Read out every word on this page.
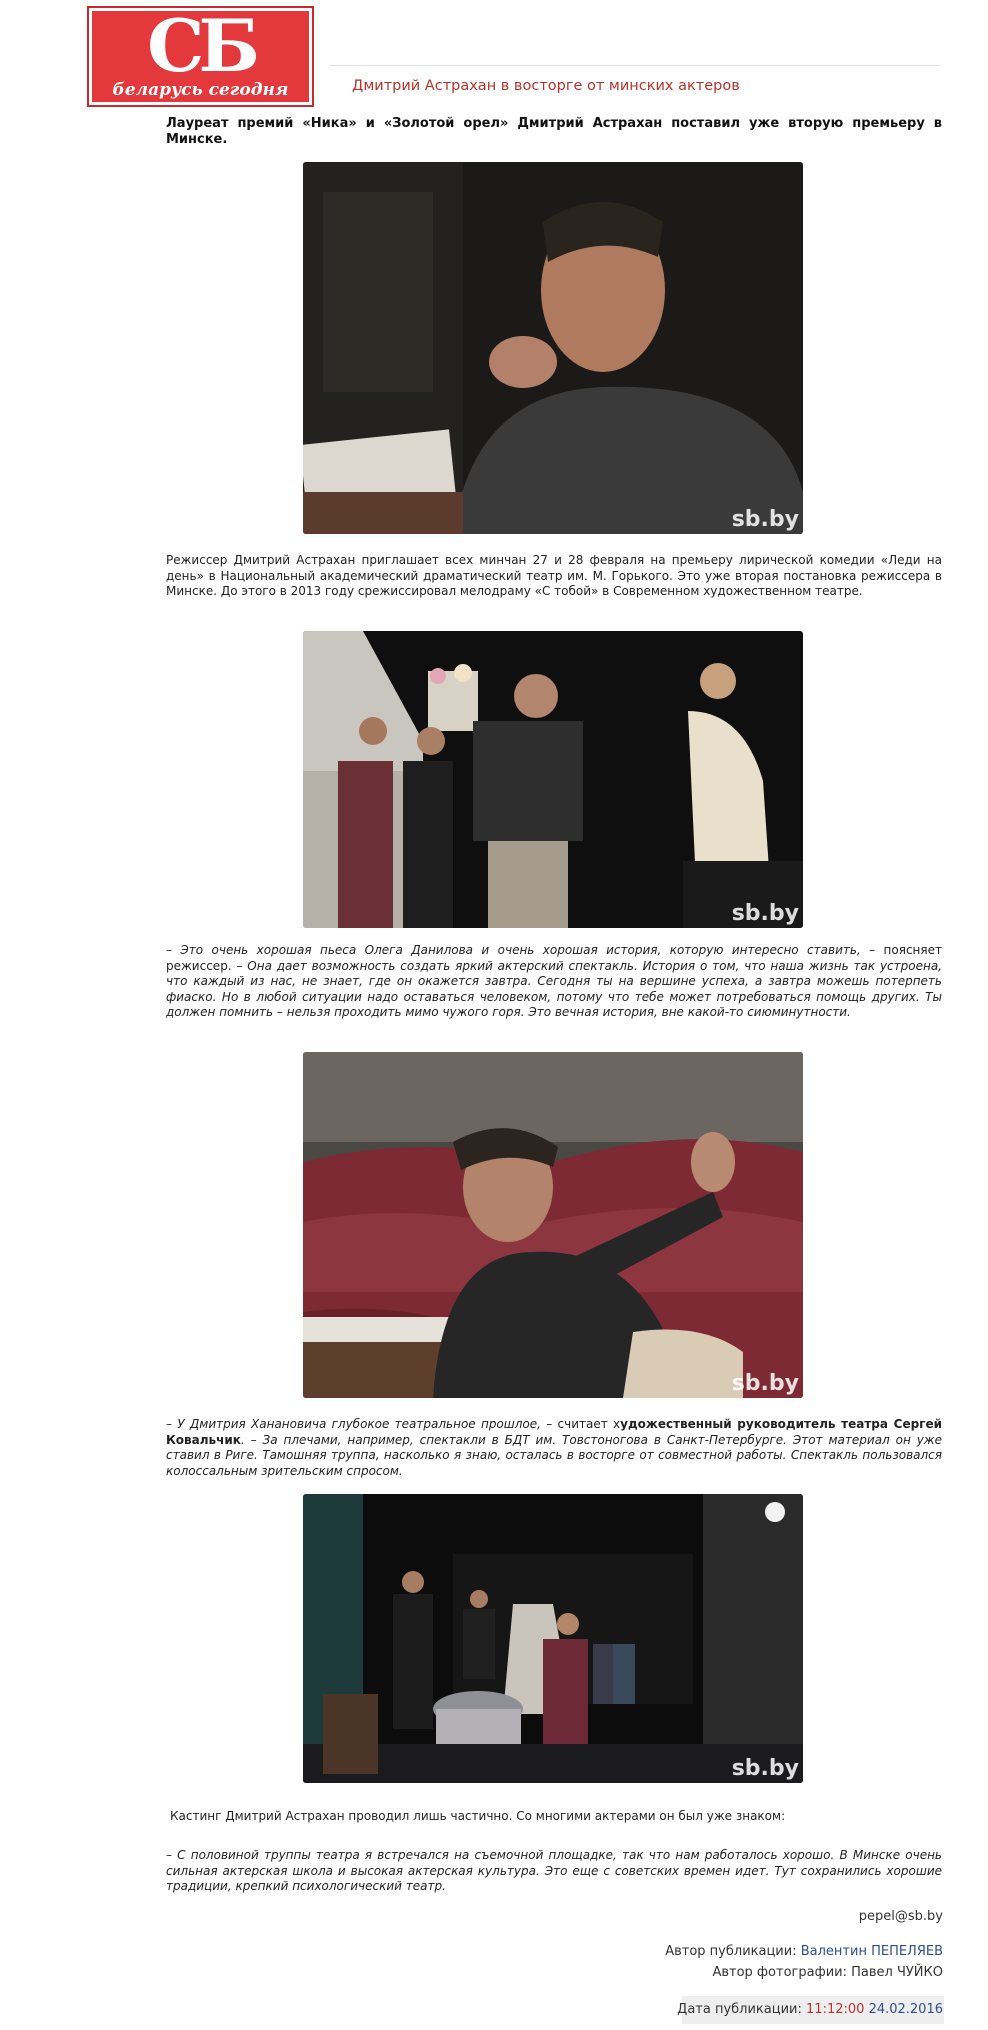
СБ
беларусь сегодня	Дмитрий Астрахан в восторге от минских актеров
Лауреат премий «Ника» и «Золотой орел» Дмитрий Астрахан поставил уже вторую премьеру в Минске.
sb.by
Режиссер Дмитрий Астрахан приглашает всех минчан 27 и 28 февраля на премьеру лирической комедии «Леди на день» в Национальный академический драматический театр им. М. Горького. Это уже вторая постановка режиссера в Минске. До этого в 2013 году срежиссировал мелодраму «С тобой» в Современном художественном театре.
sb.by
– Это очень хорошая пьеса Олега Данилова и очень хорошая история, которую интересно ставить, – поясняет режиссер. – Она дает возможность создать яркий актерский спектакль. История о том, что наша жизнь так устроена, что каждый из нас, не знает, где он окажется завтра. Сегодня ты на вершине успеха, а завтра можешь потерпеть фиаско. Но в любой ситуации надо оставаться человеком, потому что тебе может потребоваться помощь других. Ты должен помнить – нельзя проходить мимо чужого горя. Это вечная история, вне какой-то сиюминутности.
sb.by
– У Дмитрия Ханановича глубокое театральное прошлое, – считает художественный руководитель театра Сергей Ковальчик. – За плечами, например, спектакли в БДТ им. Товстоногова в Санкт-Петербурге. Этот материал он уже ставил в Риге. Тамошняя труппа, насколько я знаю, осталась в восторге от совместной работы. Спектакль пользовался колоссальным зрительским спросом.
sb.by
Кастинг Дмитрий Астрахан проводил лишь частично. Со многими актерами он был уже знаком:
– С половиной труппы театра я встречался на съемочной площадке, так что нам работалось хорошо. В Минске очень сильная актерская школа и высокая актерская культура. Это еще с советских времен идет. Тут сохранились хорошие традиции, крепкий психологический театр.
pepel@sb.by
Автор публикации: Валентин ПЕПЕЛЯЕВ
Автор фотографии: Павел ЧУЙКО
Дата публикации: 11:12:00 24.02.2016
